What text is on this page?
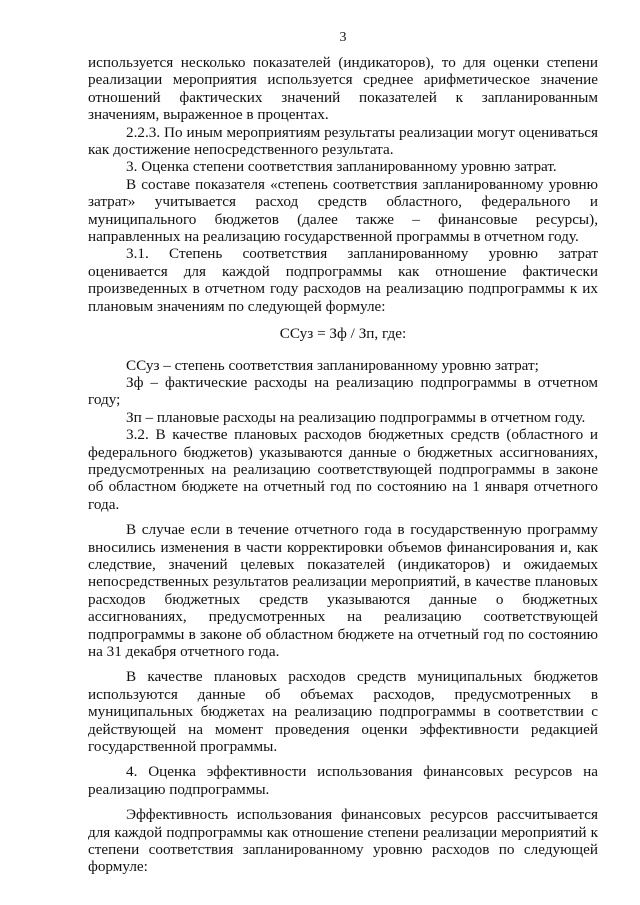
3

используется несколько показателей (индикаторов), то для оценки степени реализации мероприятия используется среднее арифметическое значение отношений фактических значений показателей к запланированным значениям, выраженное в процентах.

2.2.3. По иным мероприятиям результаты реализации могут оцениваться как достижение непосредственного результата.

3. Оценка степени соответствия запланированному уровню затрат.

В составе показателя «степень соответствия запланированному уровню затрат» учитывается расход средств областного, федерального и муниципального бюджетов (далее также – финансовые ресурсы), направленных на реализацию государственной программы в отчетном году.

3.1. Степень соответствия запланированному уровню затрат оценивается для каждой подпрограммы как отношение фактически произведенных в отчетном году расходов на реализацию подпрограммы к их плановым значениям по следующей формуле:

ССуз = Зф / Зп, где:

ССуз – степень соответствия запланированному уровню затрат;

Зф – фактические расходы на реализацию подпрограммы в отчетном году;

Зп – плановые расходы на реализацию подпрограммы в отчетном году.

3.2. В качестве плановых расходов бюджетных средств (областного и федерального бюджетов) указываются данные о бюджетных ассигнованиях, предусмотренных на реализацию соответствующей подпрограммы в законе об областном бюджете на отчетный год по состоянию на 1 января отчетного года.

В случае если в течение отчетного года в государственную программу вносились изменения в части корректировки объемов финансирования и, как следствие, значений целевых показателей (индикаторов) и ожидаемых непосредственных результатов реализации мероприятий, в качестве плановых расходов бюджетных средств указываются данные о бюджетных ассигнованиях, предусмотренных на реализацию соответствующей подпрограммы в законе об областном бюджете на отчетный год по состоянию на 31 декабря отчетного года.

В качестве плановых расходов средств муниципальных бюджетов используются данные об объемах расходов, предусмотренных в муниципальных бюджетах на реализацию подпрограммы в соответствии с действующей на момент проведения оценки эффективности редакцией государственной программы.

4. Оценка эффективности использования финансовых ресурсов на реализацию подпрограммы.

Эффективность использования финансовых ресурсов рассчитывается для каждой подпрограммы как отношение степени реализации мероприятий к степени соответствия запланированному уровню расходов по следующей формуле:
